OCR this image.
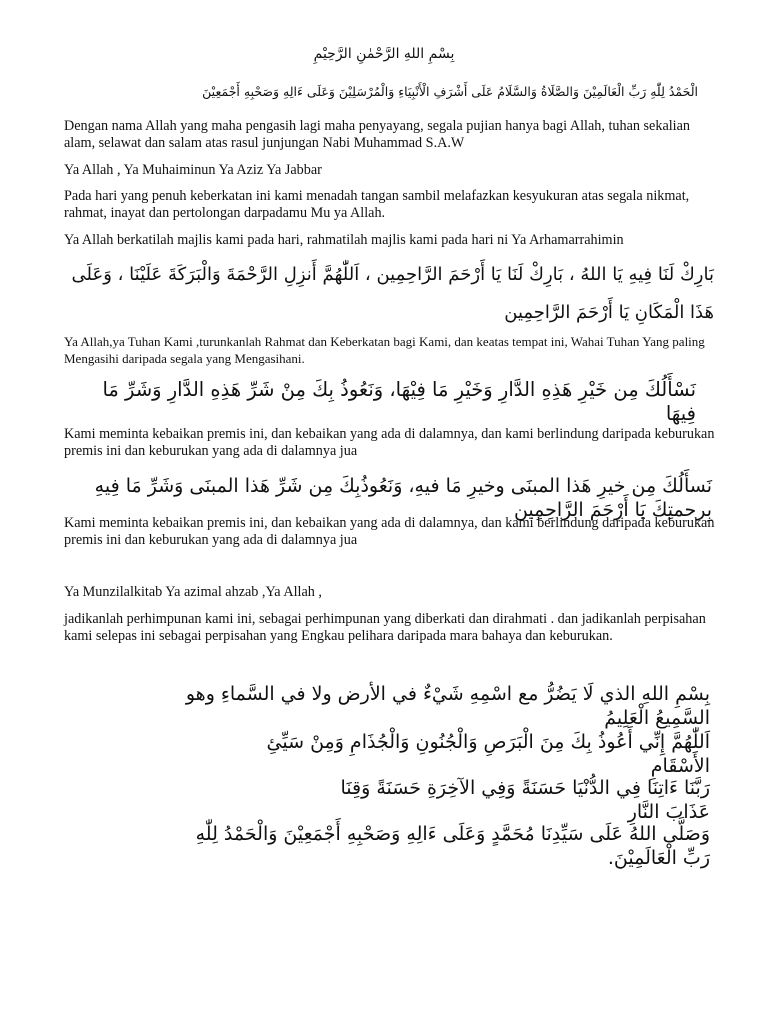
بِسْمِ اللهِ الرَّحْمٰنِ الرَّحِيْمِ

الْحَمْدُ لِلّٰهِ رَبِّ الْعَالَمِيْنَ وَالصَّلَاةُ وَالسَّلَامُ عَلَى أَشْرَفِ الْأَنْبِيَاءِ وَالْمُرْسَلِيْنَ وَعَلَى ءَالِهِ وَصَحْبِهِ أَجْمَعِيْنَ

Dengan nama Allah yang maha pengasih lagi maha penyayang, segala pujian hanya bagi Allah, tuhan sekalian alam, selawat dan salam atas rasul junjungan Nabi Muhammad S.A.W

Ya Allah , Ya Muhaiminun Ya Aziz Ya Jabbar

Pada hari yang penuh keberkatan ini kami menadah tangan sambil melafazkan kesyukuran atas segala nikmat, rahmat, inayat dan pertolongan darpadamu Mu ya Allah.

Ya Allah berkatilah majlis kami pada hari, rahmatilah majlis kami pada hari ni Ya Arhamarrahimin

بَارِكْ لَنَا فِيهِ يَا اللهُ ، بَارِكْ لَنَا يَا أَرْحَمَ الرَّاحِمِين ، اَللّٰهُمَّ أَنزِلِ الرَّحْمَةَ وَالْبَرَكَةَ عَلَيْنَا ، وَعَلَى هَذَا الْمَكَانِ يَا أَرْحَمَ الرَّاحِمِين

Ya Allah,ya Tuhan Kami ,turunkanlah Rahmat dan Keberkatan bagi Kami, dan keatas tempat ini, Wahai Tuhan Yang paling Mengasihi daripada segala yang Mengasihani.

نَسْأَلُكَ مِن خَيْرِ هَذِهِ الدَّارِ وَخَيْرِ مَا فِيْهَا، وَنَعُوذُ بِكَ مِنْ شَرِّ هَذِهِ الدَّارِ وَشَرِّ مَا فِيهَا

Kami meminta kebaikan premis ini, dan kebaikan yang ada di dalamnya, dan kami berlindung daripada keburukan premis ini dan keburukan yang ada di dalamnya jua

نَسأَلُكَ مِن خيرِ هَذا المبنَى وخيرِ مَا فيهِ، وَنَعُوذُبِكَ مِن شَرِّ هَذا المبنَى وَشَرِّ مَا فِيهِ بِرحمتِكَ يَا أَرْحَمَ الرَّاحِمِين

Kami meminta kebaikan premis ini, dan kebaikan yang ada di dalamnya, dan kami berlindung daripada keburukan premis ini dan keburukan yang ada di dalamnya jua

Ya Munzilalkitab Ya azimal ahzab ,Ya Allah ,

jadikanlah perhimpunan kami ini, sebagai perhimpunan yang diberkati dan dirahmati . dan jadikanlah perpisahan kami selepas ini sebagai perpisahan yang Engkau pelihara daripada mara bahaya dan keburukan.

بِسْمِ اللهِ الذي لَا يَضُرُّ مع اسْمِهِ شَيْءٌ في الأرض ولا في السَّماءِ وهو السَّمِيعُ الْعَلِيمُ

اَللّٰهُمَّ إِنِّي أَعُوذُ بِكَ مِنَ الْبَرَصِ وَالْجُنُونِ وَالْجُذَامِ وَمِنْ سَيِّئِ الأَسْقَامِ

رَبَّنَا ءَاتِنَا فِي الدُّنْيَا حَسَنَةً وَفِي الآخِرَةِ حَسَنَةً وَقِنَا عَذَابَ النَّارِ

وَصَلَّى اللهُ عَلَى سَيِّدِنَا مُحَمَّدٍ وَعَلَى ءَالِهِ وَصَحْبِهِ أَجْمَعِيْنَ وَالْحَمْدُ لِلّٰهِ رَبِّ الْعَالَمِيْنَ.
